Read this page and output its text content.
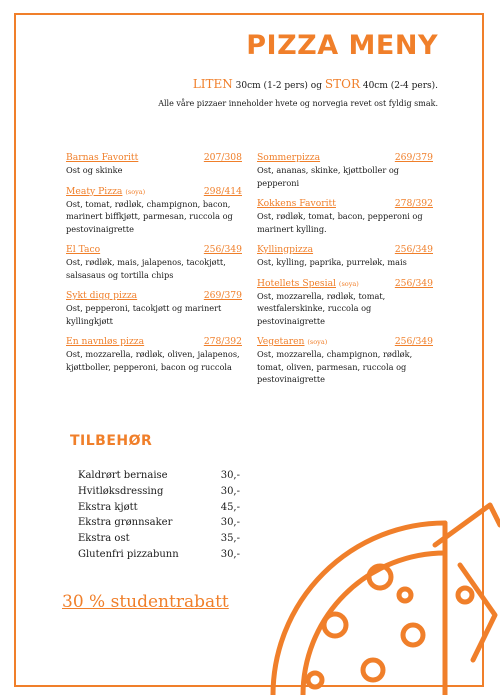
PIZZA MENY
LITEN 30cm (1-2 pers) og STOR 40cm (2-4 pers).
Alle våre pizzaer inneholder hvete og norvegia revet ost fyldig smak.
Barnas Favoritt	207/308
Ost og skinke
Meaty Pizza (soya)	298/414
Ost, tomat, rødløk, champignon, bacon, marinert biffkjøtt, parmesan, ruccola og pestovinaigrette
El Taco	256/349
Ost, rødløk, mais, jalapenos, tacokjøtt, salsasaus og tortilla chips
Sykt digg pizza	269/379
Ost, pepperoni, tacokjøtt og marinert kyllingkjøtt
En navnløs pizza	278/392
Ost, mozzarella, rødløk, oliven, jalapenos, kjøttboller, pepperoni, bacon og ruccola
Sommerpizza	269/379
Ost, ananas, skinke, kjøttboller og pepperoni
Kokkens Favoritt	278/392
Ost, rødløk, tomat, bacon, pepperoni og marinert kylling.
Kyllingpizza	256/349
Ost, kylling, paprika, purreløk, mais
Hotellets Spesial (soya)	256/349
Ost, mozzarella, rødløk, tomat, westfalerskinke, ruccola og pestovinaigrette
Vegetaren (soya)	256/349
Ost, mozzarella, champignon, rødløk, tomat, oliven, parmesan, ruccola og pestovinaigrette
TILBEHØR
Kaldrørt bernaise	30,-
Hvitløksdressing	30,-
Ekstra kjøtt	45,-
Ekstra grønnsaker	30,-
Ekstra ost	35,-
Glutenfri pizzabunn	30,-
30 % studentrabatt
